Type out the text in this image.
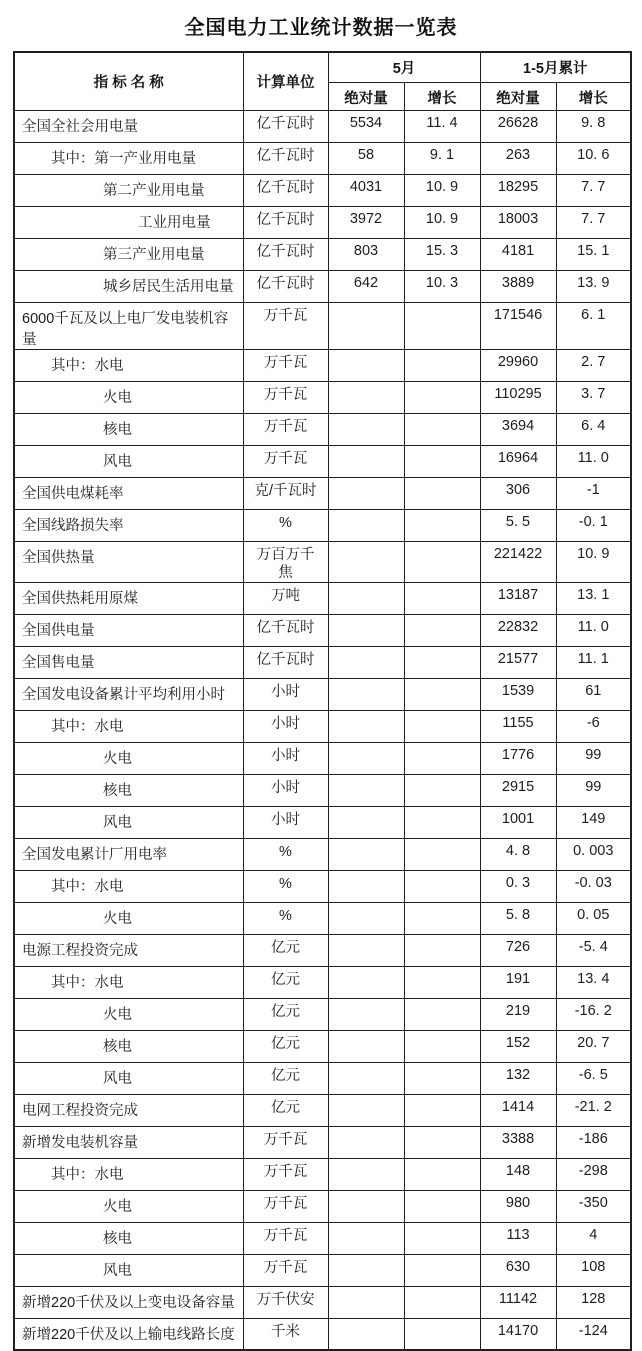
全国电力工业统计数据一览表
指 标 名 称	计算单位	5月		1-5月累计	
		绝对量	增长	绝对量	增长
全国全社会用电量	亿千瓦时	5534	11. 4	26628	9. 8
其中：第一产业用电量	亿千瓦时	58	9. 1	263	10. 6
第二产业用电量	亿千瓦时	4031	10. 9	18295	7. 7
工业用电量	亿千瓦时	3972	10. 9	18003	7. 7
第三产业用电量	亿千瓦时	803	15. 3	4181	15. 1
城乡居民生活用电量	亿千瓦时	642	10. 3	3889	13. 9
6000千瓦及以上电厂发电装机容量	万千瓦			171546	6. 1
其中：水电	万千瓦			29960	2. 7
火电	万千瓦			110295	3. 7
核电	万千瓦			3694	6. 4
风电	万千瓦			16964	11. 0
全国供电煤耗率	克/千瓦时			306	-1
全国线路损失率	%			5. 5	-0. 1
全国供热量	万百万千焦			221422	10. 9
全国供热耗用原煤	万吨			13187	13. 1
全国供电量	亿千瓦时			22832	11. 0
全国售电量	亿千瓦时			21577	11. 1
全国发电设备累计平均利用小时	小时			1539	61
其中：水电	小时			1155	-6
火电	小时			1776	99
核电	小时			2915	99
风电	小时			1001	149
全国发电累计厂用电率	%			4. 8	0. 003
其中：水电	%			0. 3	-0. 03
火电	%			5. 8	0. 05
电源工程投资完成	亿元			726	-5. 4
其中：水电	亿元			191	13. 4
火电	亿元			219	-16. 2
核电	亿元			152	20. 7
风电	亿元			132	-6. 5
电网工程投资完成	亿元			1414	-21. 2
新增发电装机容量	万千瓦			3388	-186
其中：水电	万千瓦			148	-298
火电	万千瓦			980	-350
核电	万千瓦			113	4
风电	万千瓦			630	108
新增220千伏及以上变电设备容量	万千伏安			11142	128
新增220千伏及以上输电线路长度	千米			14170	-124
